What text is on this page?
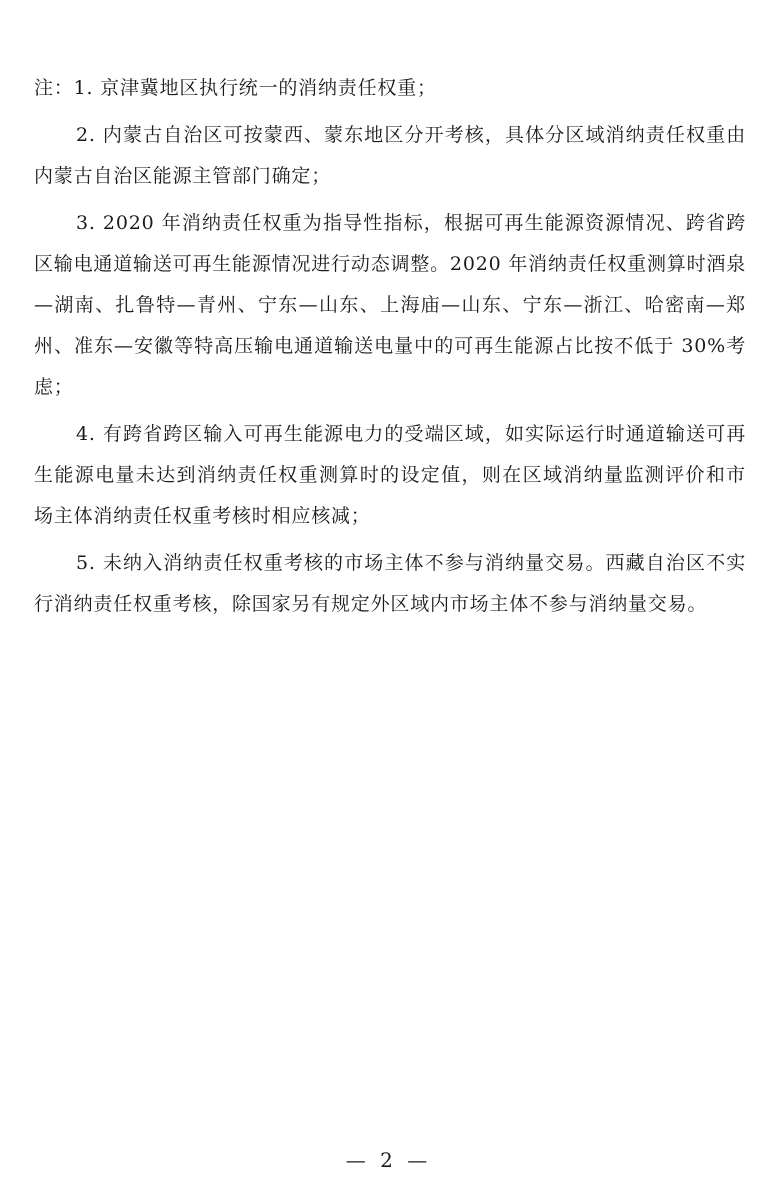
注：1. 京津冀地区执行统一的消纳责任权重；

2. 内蒙古自治区可按蒙西、蒙东地区分开考核，具体分区域消纳责任权重由内蒙古自治区能源主管部门确定；

3. 2020 年消纳责任权重为指导性指标，根据可再生能源资源情况、跨省跨区输电通道输送可再生能源情况进行动态调整。2020 年消纳责任权重测算时酒泉—湖南、扎鲁特—青州、宁东—山东、上海庙—山东、宁东—浙江、哈密南—郑州、准东—安徽等特高压输电通道输送电量中的可再生能源占比按不低于 30%考虑；

4. 有跨省跨区输入可再生能源电力的受端区域，如实际运行时通道输送可再生能源电量未达到消纳责任权重测算时的设定值，则在区域消纳量监测评价和市场主体消纳责任权重考核时相应核减；

5. 未纳入消纳责任权重考核的市场主体不参与消纳量交易。西藏自治区不实行消纳责任权重考核，除国家另有规定外区域内市场主体不参与消纳量交易。

— 2 —
